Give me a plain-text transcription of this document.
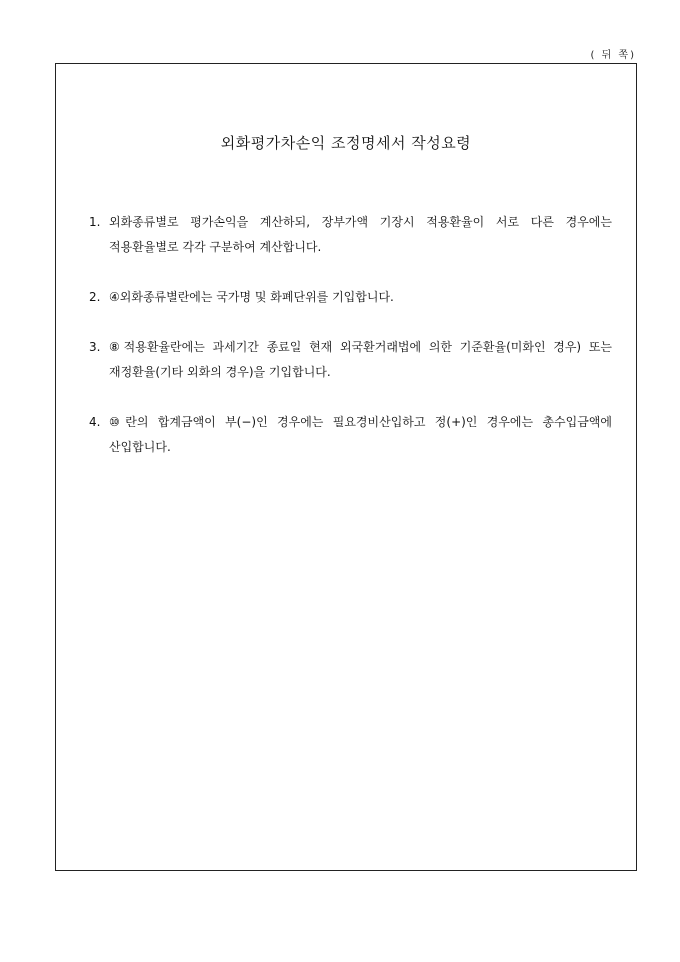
( 뒤 쪽)
외화평가차손익 조정명세서 작성요령
1. 외화종류별로 평가손익을 계산하되, 장부가액 기장시 적용환율이 서로 다른 경우에는 적용환율별로 각각 구분하여 계산합니다.
2. ④외화종류별란에는 국가명 및 화폐단위를 기입합니다.
3. ⑧적용환율란에는 과세기간 종료일 현재 외국환거래법에 의한 기준환율(미화인 경우) 또는 재정환율(기타 외화의 경우)을 기입합니다.
4. ⑩란의 합계금액이 부(−)인 경우에는 필요경비산입하고 정(+)인 경우에는 총수입금액에 산입합니다.
